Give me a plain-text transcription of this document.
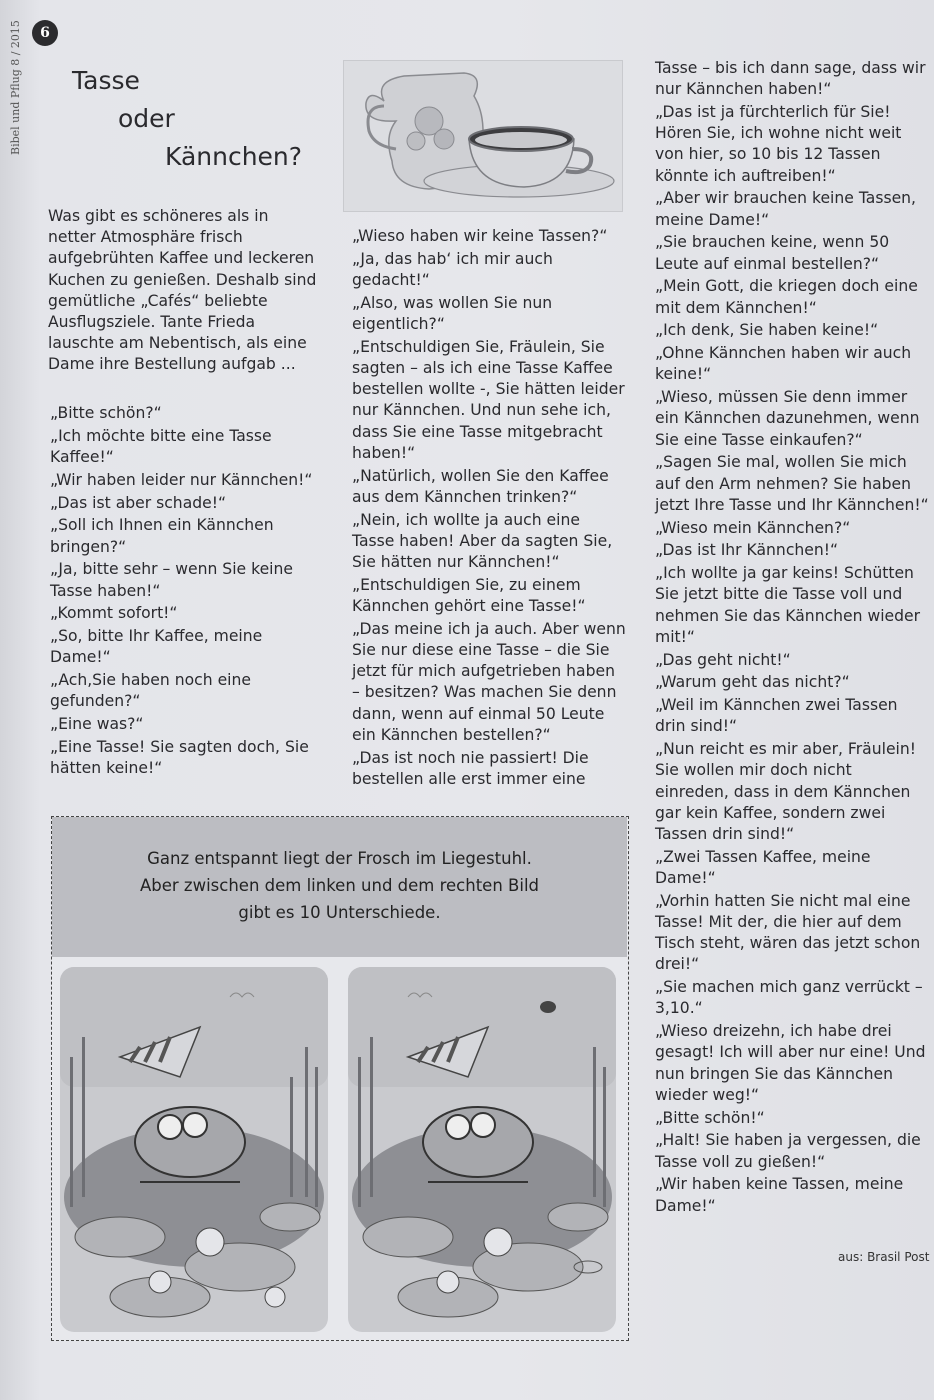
Bibel und Pflug 8 / 2015	6
Tasse
oder
Kännchen?

Was gibt es schöneres als in netter Atmosphäre frisch aufgebrühten Kaffee und leckeren Kuchen zu genießen. Deshalb sind gemütliche „Cafés“ beliebte Ausflugsziele. Tante Frieda lauschte am Nebentisch, als eine Dame ihre Bestellung aufgab ...

„Bitte schön?“

„Ich möchte bitte eine Tasse Kaffee!“

„Wir haben leider nur Kännchen!“

„Das ist aber schade!“

„Soll ich Ihnen ein Kännchen bringen?“

„Ja, bitte sehr – wenn Sie keine Tasse haben!“

„Kommt sofort!“

„So, bitte Ihr Kaffee, meine Dame!“

„Ach,Sie haben noch eine gefunden?“

„Eine was?“

„Eine Tasse! Sie sagten doch, Sie hätten keine!“

„Wieso haben wir keine Tassen?“

„Ja, das hab‘ ich mir auch gedacht!“

„Also, was wollen Sie nun eigentlich?“

„Entschuldigen Sie, Fräulein, Sie sagten – als ich eine Tasse Kaffee bestellen wollte -, Sie hätten leider nur Kännchen. Und nun sehe ich, dass Sie eine Tasse mitgebracht haben!“

„Natürlich, wollen Sie den Kaffee aus dem Kännchen trinken?“

„Nein, ich wollte ja auch eine Tasse haben! Aber da sagten Sie, Sie hätten nur Kännchen!“

„Entschuldigen Sie, zu einem Kännchen gehört eine Tasse!“

„Das meine ich ja auch. Aber wenn Sie nur diese eine Tasse – die Sie jetzt für mich aufgetrieben haben – besitzen? Was machen Sie denn dann, wenn auf einmal 50 Leute ein Kännchen bestellen?“

„Das ist noch nie passiert! Die bestellen alle erst immer eine

Tasse – bis ich dann sage, dass wir nur Kännchen haben!“

„Das ist ja fürchterlich für Sie! Hören Sie, ich wohne nicht weit von hier, so 10 bis 12 Tassen könnte ich auftreiben!“

„Aber wir brauchen keine Tassen, meine Dame!“

„Sie brauchen keine, wenn 50 Leute auf einmal bestellen?“

„Mein Gott, die kriegen doch eine mit dem Kännchen!“

„Ich denk, Sie haben keine!“

„Ohne Kännchen haben wir auch keine!“

„Wieso, müssen Sie denn immer ein Kännchen dazunehmen, wenn Sie eine Tasse einkaufen?“

„Sagen Sie mal, wollen Sie mich auf den Arm nehmen? Sie haben jetzt Ihre Tasse und Ihr Kännchen!“

„Wieso mein Kännchen?“

„Das ist Ihr Kännchen!“

„Ich wollte ja gar keins! Schütten Sie jetzt bitte die Tasse voll und nehmen Sie das Kännchen wieder mit!“

„Das geht nicht!“

„Warum geht das nicht?“

„Weil im Kännchen zwei Tassen drin sind!“

„Nun reicht es mir aber, Fräulein! Sie wollen mir doch nicht einreden, dass in dem Kännchen gar kein Kaffee, sondern zwei Tassen drin sind!“

„Zwei Tassen Kaffee, meine Dame!“

„Vorhin hatten Sie nicht mal eine Tasse! Mit der, die hier auf dem Tisch steht, wären das jetzt schon drei!“

„Sie machen mich ganz verrückt – 3,10.“

„Wieso dreizehn, ich habe drei gesagt! Ich will aber nur eine! Und nun bringen Sie das Kännchen wieder weg!“

„Bitte schön!“

„Halt! Sie haben ja vergessen, die Tasse voll zu gießen!“

„Wir haben keine Tassen, meine Dame!“

aus: Brasil Post
Ganz entspannt liegt der Frosch im Liegestuhl.
Aber zwischen dem linken und dem rechten Bild
gibt es 10 Unterschiede.
